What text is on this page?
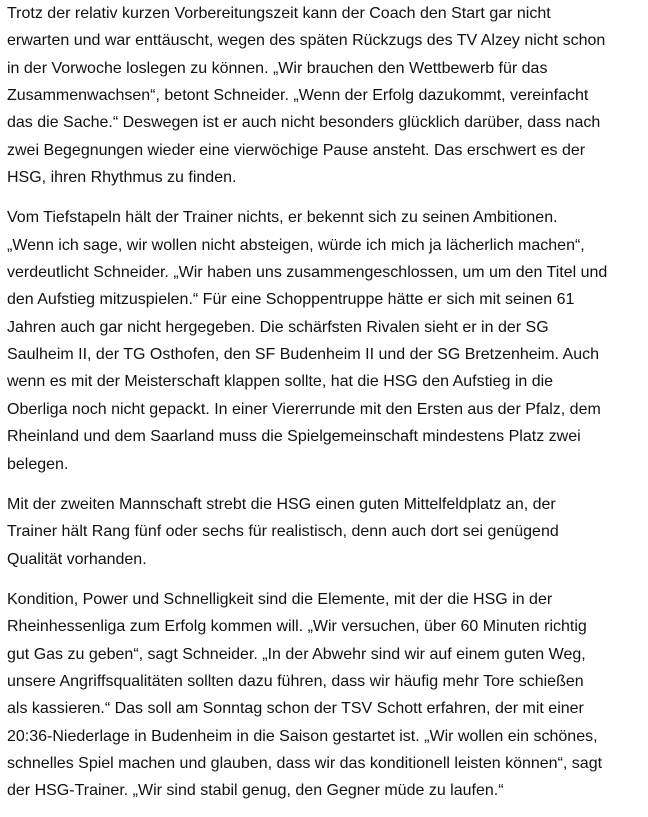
Trotz der relativ kurzen Vorbereitungszeit kann der Coach den Start gar nicht
erwarten und war enttäuscht, wegen des späten Rückzugs des TV Alzey nicht schon
in der Vorwoche loslegen zu können. „Wir brauchen den Wettbewerb für das
Zusammenwachsen“, betont Schneider. „Wenn der Erfolg dazukommt, vereinfacht
das die Sache.“ Deswegen ist er auch nicht besonders glücklich darüber, dass nach
zwei Begegnungen wieder eine vierwöchige Pause ansteht. Das erschwert es der
HSG, ihren Rhythmus zu finden.

Vom Tiefstapeln hält der Trainer nichts, er bekennt sich zu seinen Ambitionen.
„Wenn ich sage, wir wollen nicht absteigen, würde ich mich ja lächerlich machen“,
verdeutlicht Schneider. „Wir haben uns zusammengeschlossen, um um den Titel und
den Aufstieg mitzuspielen.“ Für eine Schoppentruppe hätte er sich mit seinen 61
Jahren auch gar nicht hergegeben. Die schärfsten Rivalen sieht er in der SG
Saulheim II, der TG Osthofen, den SF Budenheim II und der SG Bretzenheim. Auch
wenn es mit der Meisterschaft klappen sollte, hat die HSG den Aufstieg in die
Oberliga noch nicht gepackt. In einer Viererrunde mit den Ersten aus der Pfalz, dem
Rheinland und dem Saarland muss die Spielgemeinschaft mindestens Platz zwei
belegen.

Mit der zweiten Mannschaft strebt die HSG einen guten Mittelfeldplatz an, der
Trainer hält Rang fünf oder sechs für realistisch, denn auch dort sei genügend
Qualität vorhanden.

Kondition, Power und Schnelligkeit sind die Elemente, mit der die HSG in der
Rheinhessenliga zum Erfolg kommen will. „Wir versuchen, über 60 Minuten richtig
gut Gas zu geben“, sagt Schneider. „In der Abwehr sind wir auf einem guten Weg,
unsere Angriffsqualitäten sollten dazu führen, dass wir häufig mehr Tore schießen
als kassieren.“ Das soll am Sonntag schon der TSV Schott erfahren, der mit einer
20:36-Niederlage in Budenheim in die Saison gestartet ist. „Wir wollen ein schönes,
schnelles Spiel machen und glauben, dass wir das konditionell leisten können“, sagt
der HSG-Trainer. „Wir sind stabil genug, den Gegner müde zu laufen.“
